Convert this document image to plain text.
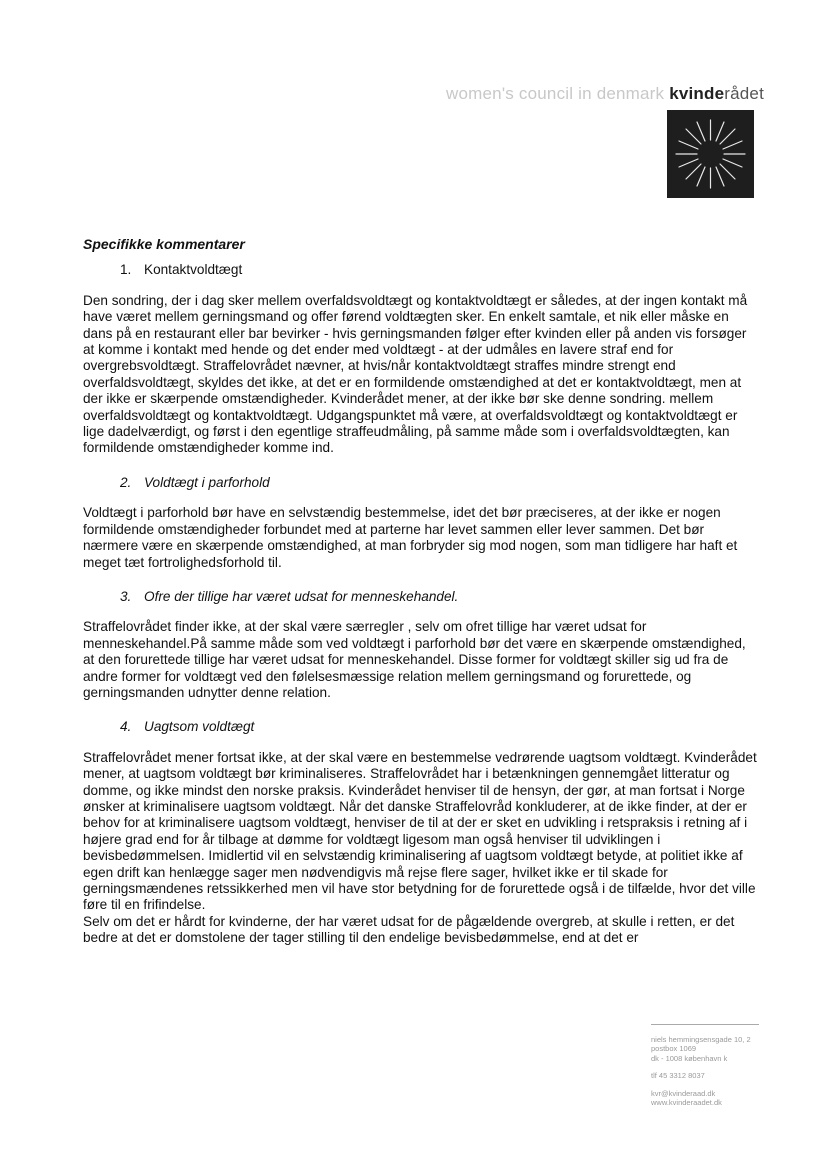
women's council in denmark kvinderådet
Specifikke kommentarer
1. Kontaktvoldtægt

Den sondring, der i dag sker mellem overfaldsvoldtægt og kontaktvoldtægt er således, at der ingen kontakt må have været mellem gerningsmand og offer førend voldtægten sker. En enkelt samtale, et nik eller måske en dans på en restaurant eller bar bevirker - hvis gerningsmanden følger efter kvinden eller på anden vis forsøger at komme i kontakt med hende og det ender med voldtægt - at der udmåles en lavere straf end for overgrebsvoldtægt. Straffelovrådet nævner, at hvis/når kontaktvoldtægt straffes mindre strengt end overfaldsvoldtægt, skyldes det ikke, at det er en formildende omstændighed at det er kontaktvoldtægt, men at der ikke er skærpende omstændigheder. Kvinderådet mener, at der ikke bør ske denne sondring. mellem overfaldsvoldtægt og kontaktvoldtægt. Udgangspunktet må være, at overfaldsvoldtægt og kontaktvoldtægt er lige dadelværdigt, og først i den egentlige straffeudmåling, på samme måde som i overfaldsvoldtægten, kan formildende omstændigheder komme ind.

2. Voldtægt i parforhold

Voldtægt i parforhold bør have en selvstændig bestemmelse, idet det bør præciseres, at der ikke er nogen formildende omstændigheder forbundet med at parterne har levet sammen eller lever sammen. Det bør nærmere være en skærpende omstændighed, at man forbryder sig mod nogen, som man tidligere har haft et meget tæt fortrolighedsforhold til.

3. Ofre der tillige har været udsat for menneskehandel.

Straffelovrådet finder ikke, at der skal være særregler , selv om ofret tillige har været udsat for menneskehandel.På samme måde som ved voldtægt i parforhold bør det være en skærpende omstændighed, at den forurettede tillige har været udsat for menneskehandel. Disse former for voldtægt skiller sig ud fra de andre former for voldtægt ved den følelsesmæssige relation mellem gerningsmand og forurettede, og gerningsmanden udnytter denne relation.

4. Uagtsom voldtægt

Straffelovrådet mener fortsat ikke, at der skal være en bestemmelse vedrørende uagtsom voldtægt. Kvinderådet mener, at uagtsom voldtægt bør kriminaliseres. Straffelovrådet har i betænkningen gennemgået litteratur og domme, og ikke mindst den norske praksis. Kvinderådet henviser til de hensyn, der gør, at man fortsat i Norge ønsker at kriminalisere uagtsom voldtægt. Når det danske Straffelovråd konkluderer, at de ikke finder, at der er behov for at kriminalisere uagtsom voldtægt, henviser de til at der er sket en udvikling i retspraksis i retning af i højere grad end for år tilbage at dømme for voldtægt ligesom man også henviser til udviklingen i bevisbedømmelsen. Imidlertid vil en selvstændig kriminalisering af uagtsom voldtægt betyde, at politiet ikke af egen drift kan henlægge sager men nødvendigvis må rejse flere sager, hvilket ikke er til skade for gerningsmændenes retssikkerhed men vil have stor betydning for de forurettede også i de tilfælde, hvor det ville føre til en frifindelse.

Selv om det er hårdt for kvinderne, der har været udsat for de pågældende overgreb, at skulle i retten, er det bedre at det er domstolene der tager stilling til den endelige bevisbedømmelse, end at det er

niels hemmingsensgade 10, 2
postbox 1069
dk - 1008 københavn k
tlf 45 3312 8037
kvr@kvinderaad.dk
www.kvinderaadet.dk
